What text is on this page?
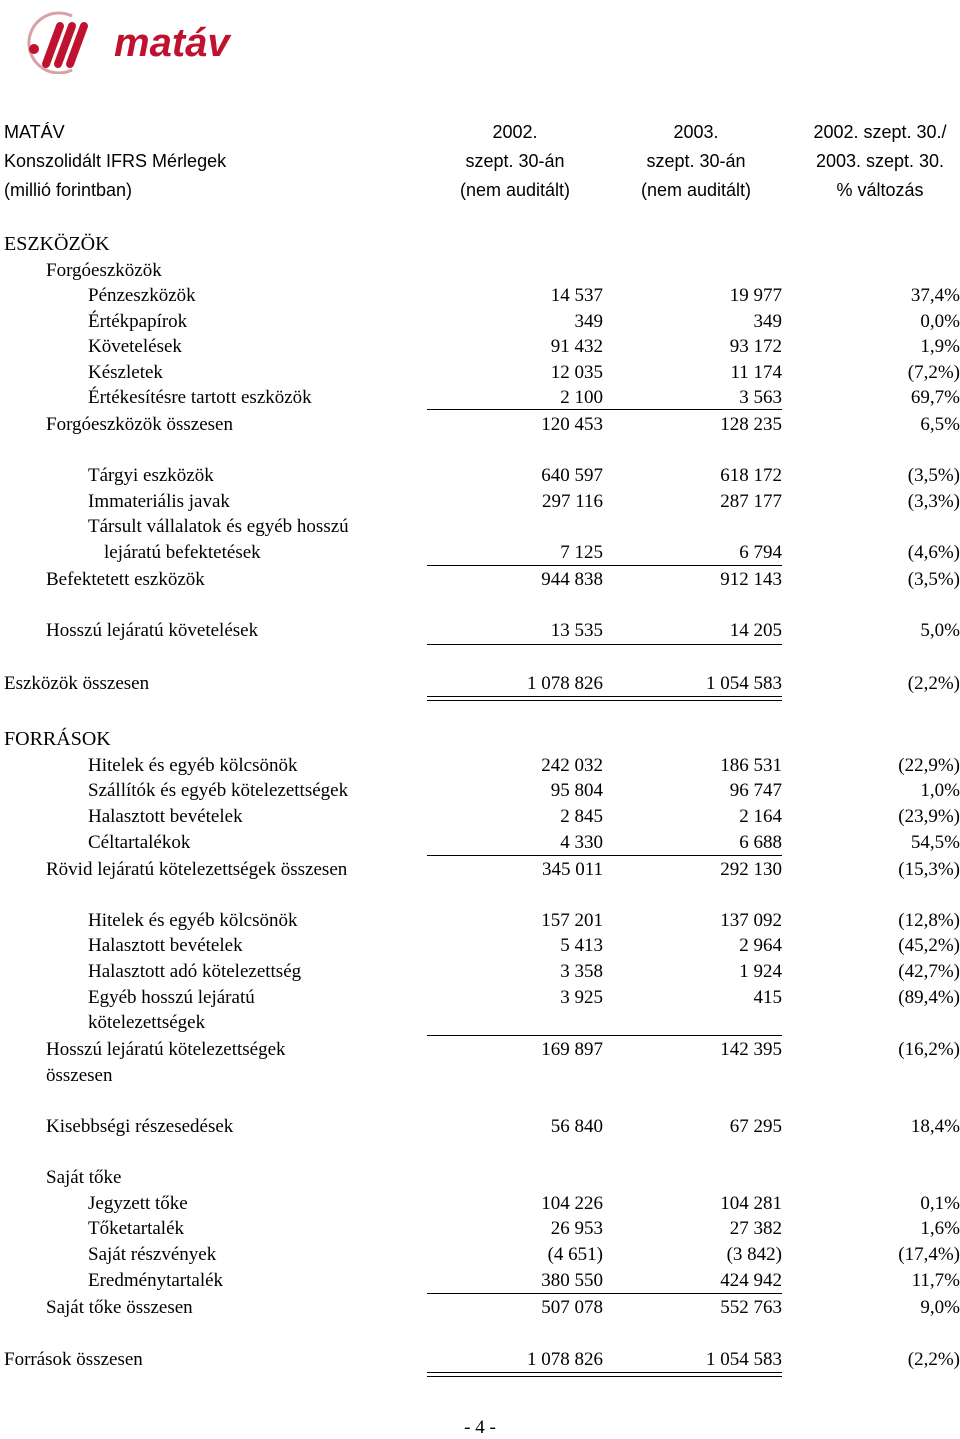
matáv
MATÁV	2002.	2003.	2002. szept. 30./
Konszolidált IFRS Mérlegek	szept. 30-án	szept. 30-án	2003. szept. 30.
(millió forintban)	(nem auditált)	(nem auditált)	% változás
ESZKÖZÖK
FORRÁSOK
Forgóeszközök
Pénzeszközök	14 537	19 977	37,4%
Értékpapírok	349	349	0,0%
Követelések	91 432	93 172	1,9%
Készletek	12 035	11 174	(7,2%)
Értékesítésre tartott eszközök	2 100	3 563	69,7%
Forgóeszközök összesen	120 453	128 235	6,5%
Tárgyi eszközök	640 597	618 172	(3,5%)
Immateriális javak	297 116	287 177	(3,3%)
Társult vállalatok és egyéb hosszú
lejáratú befektetések	7 125	6 794	(4,6%)
Befektetett eszközök	944 838	912 143	(3,5%)
Hosszú lejáratú követelések	13 535	14 205	5,0%
Eszközök összesen	1 078 826	1 054 583	(2,2%)
Hitelek és egyéb kölcsönök	242 032	186 531	(22,9%)
Szállítók és egyéb kötelezettségek	95 804	96 747	1,0%
Halasztott bevételek	2 845	2 164	(23,9%)
Céltartalékok	4 330	6 688	54,5%
Rövid lejáratú kötelezettségek összesen	345 011	292 130	(15,3%)
Hitelek és egyéb kölcsönök	157 201	137 092	(12,8%)
Halasztott bevételek	5 413	2 964	(45,2%)
Halasztott adó kötelezettség	3 358	1 924	(42,7%)
Egyéb hosszú lejáratú	3 925	415	(89,4%)
kötelezettségek
Hosszú lejáratú kötelezettségek	169 897	142 395	(16,2%)
összesen
Kisebbségi részesedések	56 840	67 295	18,4%
Saját tőke
Jegyzett tőke	104 226	104 281	0,1%
Tőketartalék	26 953	27 382	1,6%
Saját részvények	(4 651)	(3 842)	(17,4%)
Eredménytartalék	380 550	424 942	11,7%
Saját tőke összesen	507 078	552 763	9,0%
Források összesen	1 078 826	1 054 583	(2,2%)
- 4 -
